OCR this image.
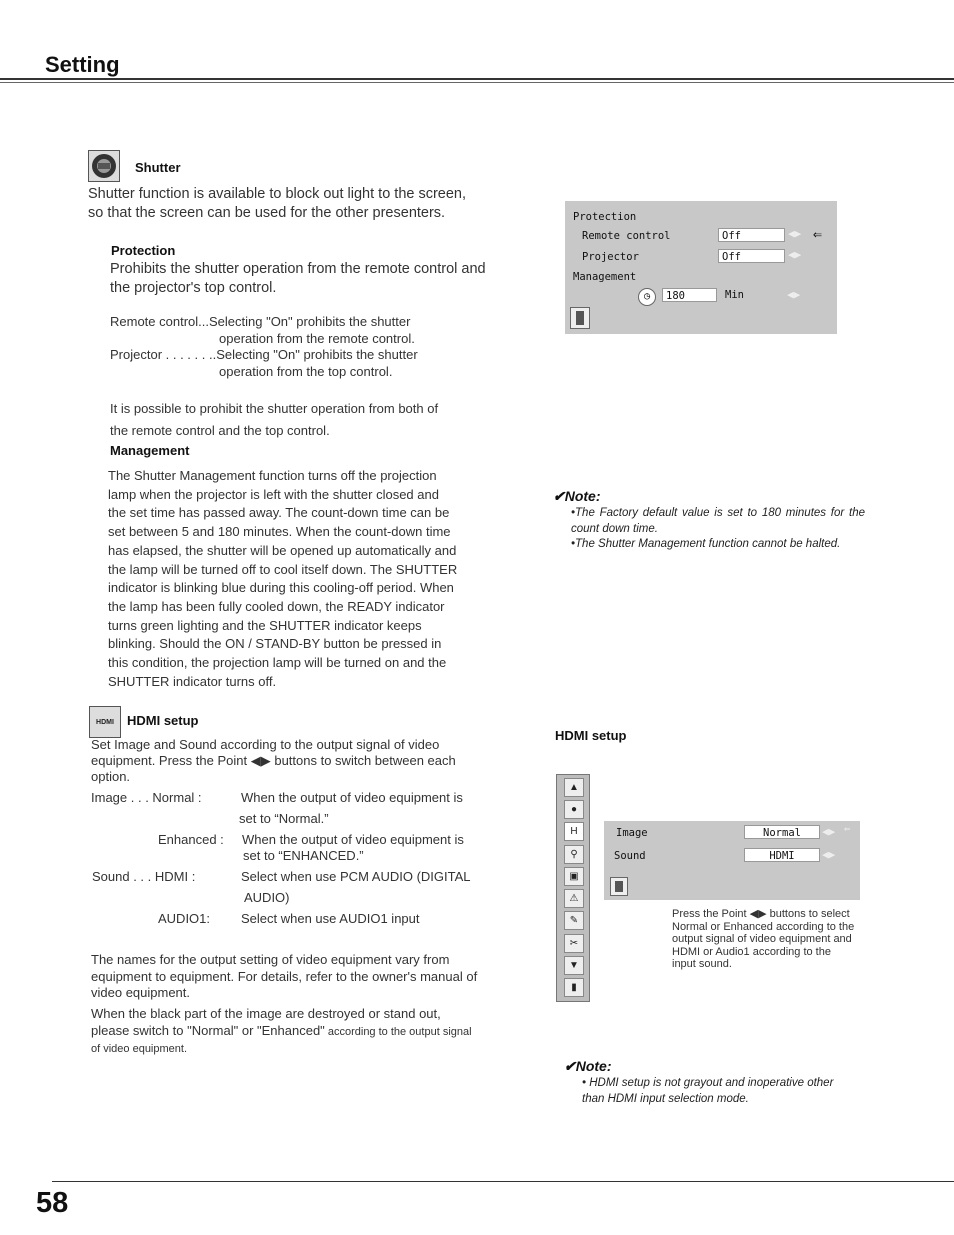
Setting
Shutter
Shutter function is available to block out light to the screen, so that the screen can be used for the other presenters.
Protection
Prohibits the shutter operation from the remote control and the projector's top control.
Remote control...Selecting "On" prohibits the shutter
operation from the remote control.
Projector . . . . . . ..Selecting "On" prohibits the shutter
operation from the top control.
It is possible to prohibit the shutter operation from both of
the remote control and the top control.
Management
The Shutter Management function turns off the projection
lamp when the projector is left with the shutter closed and
the set time has passed away. The count-down time can be
set between 5 and 180 minutes. When the count-down time
has elapsed, the shutter will be opened up automatically and
the lamp will be turned off to cool itself down. The SHUTTER
indicator is blinking blue during this cooling-off period. When
the lamp has been fully cooled down, the READY indicator
turns green lighting and the SHUTTER indicator keeps
blinking. Should the ON / STAND-BY button be pressed in
this condition, the projection lamp will be turned on and the
SHUTTER indicator turns off.
Protection
Remote control	Off	◀▶ ⇐
Projector	Off	◀▶
Management
◷	180	Min	◀▶
✔Note:
•The Factory default value is set to 180 minutes for the count down time.
•The Shutter Management function cannot be halted.
HDMI HDMI setup
Set Image and Sound according to the output signal of video
equipment. Press the Point ◀▶ buttons to switch between each
option.
Image . . . Normal :	When the output of video equipment is
set to “Normal.”
Enhanced : When the output of video equipment is
set to “ENHANCED.”
Sound . . . HDMI :	Select when use PCM AUDIO (DIGITAL
AUDIO)
AUDIO1: Select when use AUDIO1 input
The names for the output setting of video equipment vary from equipment to equipment. For details, refer to the owner's manual of video equipment.
When the black part of the image are destroyed or stand out, please switch to "Normal" or "Enhanced" according to the output signal of video equipment.
HDMI setup
▲
●
H
⚲
▣
⚠
✎
✂
▼
▮
Image	Normal	◀▶ ⇐
Sound	HDMI	◀▶
Press the Point ◀▶ buttons to select Normal or Enhanced according to the output signal of video equipment and HDMI or Audio1 according to the input sound.
✔Note:
• HDMI setup is not grayout and inoperative other than HDMI input selection mode.
58
